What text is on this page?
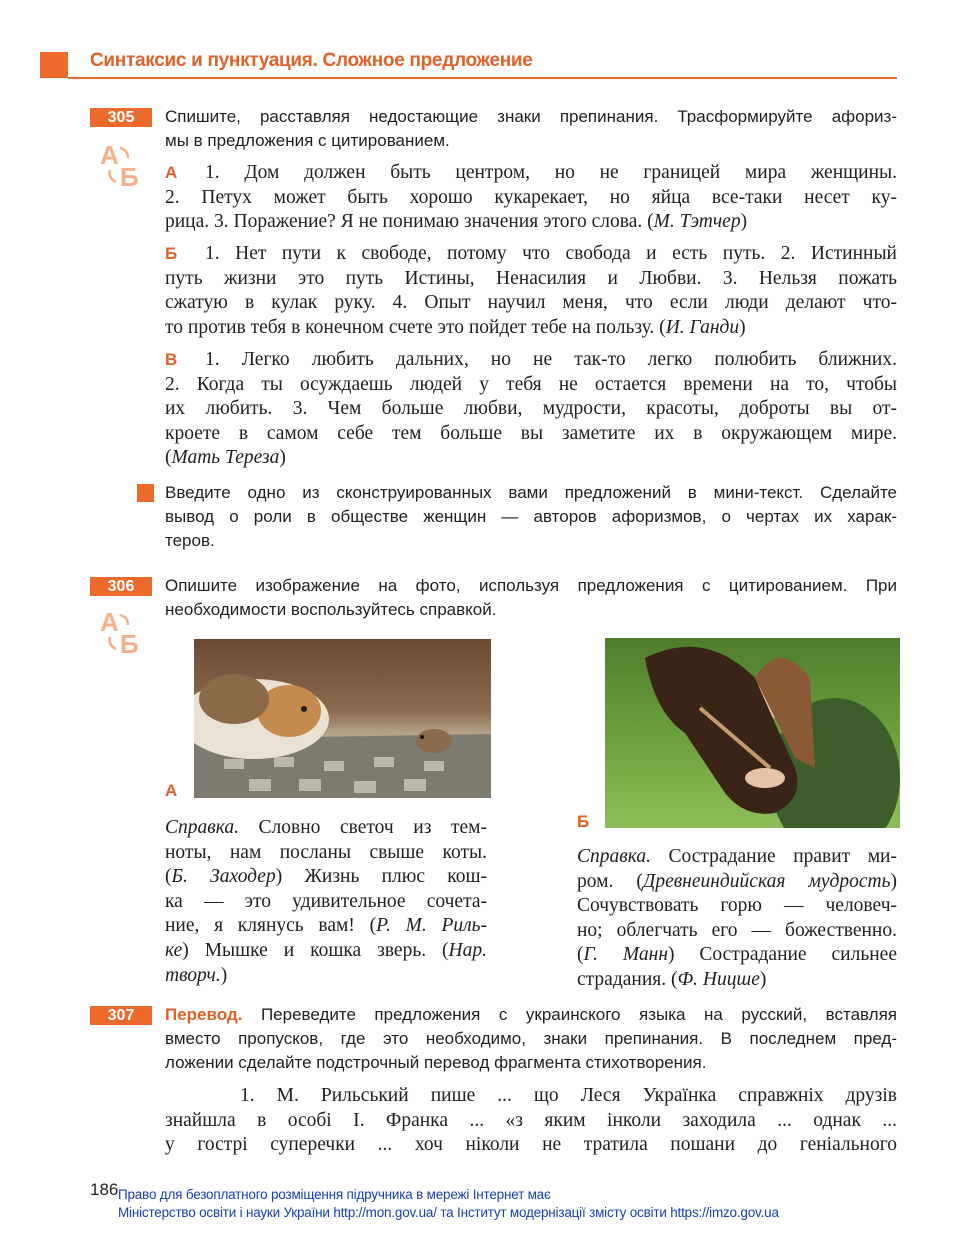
Синтаксис и пунктуация. Сложное предложение
305
А
Б
Спишите, расставляя недостающие знаки препинания. Трасформируйте афориз-
мы в предложения с цитированием.
А	1. Дом должен быть центром, но не границей мира женщины.
2. Петух может быть хорошо кукарекает, но яйца все-таки несет ку-
рица. 3. Поражение? Я не понимаю значения этого слова. (М. Тэтчер)
Б	1. Нет пути к свободе, потому что свобода и есть путь. 2. Истинный
путь жизни это путь Истины, Ненасилия и Любви. 3. Нельзя пожать
сжатую в кулак руку. 4. Опыт научил меня, что если люди делают что-
то против тебя в конечном счете это пойдет тебе на пользу. (И. Ганди)
В	1. Легко любить дальних, но не так-то легко полюбить ближних.
2. Когда ты осуждаешь людей у тебя не остается времени на то, чтобы
их любить. 3. Чем больше любви, мудрости, красоты, доброты вы от-
кроете в самом себе тем больше вы заметите их в окружающем мире.
(Мать Тереза)
Введите одно из сконструированных вами предложений в мини-текст. Сделайте
вывод о роли в обществе женщин — авторов афоризмов, о чертах их харак-
теров.
306
А
Б
Опишите изображение на фото, используя предложения с цитированием. При
необходимости воспользуйтесь справкой.
А
Справка. Словно светоч из тем-
ноты, нам посланы свыше коты.
(Б. Заходер) Жизнь плюс кош-
ка — это удивительное сочета-
ние, я клянусь вам! (Р. М. Риль-
ке) Мышке и кошка зверь. (Нар.
творч.)
Б
Справка. Сострадание правит ми-
ром. (Древнеиндийская мудрость)
Сочувствовать горю — человеч-
но; облегчать его — божественно.
(Г. Манн) Сострадание сильнее
страдания. (Ф. Ницше)
307	Перевод. Переведите предложения с украинского языка на русский, вставляя
вместо пропусков, где это необходимо, знаки препинания. В последнем пред-
ложении сделайте подстрочный перевод фрагмента стихотворения.
1. М. Рильський пише ... що Леся Українка справжніх друзів
знайшла в особі І. Франка ... «з яким інколи заходила ... однак ...
у гострі суперечки ... хоч ніколи не тратила пошани до геніального
186 Право для безоплатного розміщення підручника в мережі Інтернет має
Міністерство освіти і науки України http://mon.gov.ua/ та Інститут модернізації змісту освіти https://imzo.gov.ua
